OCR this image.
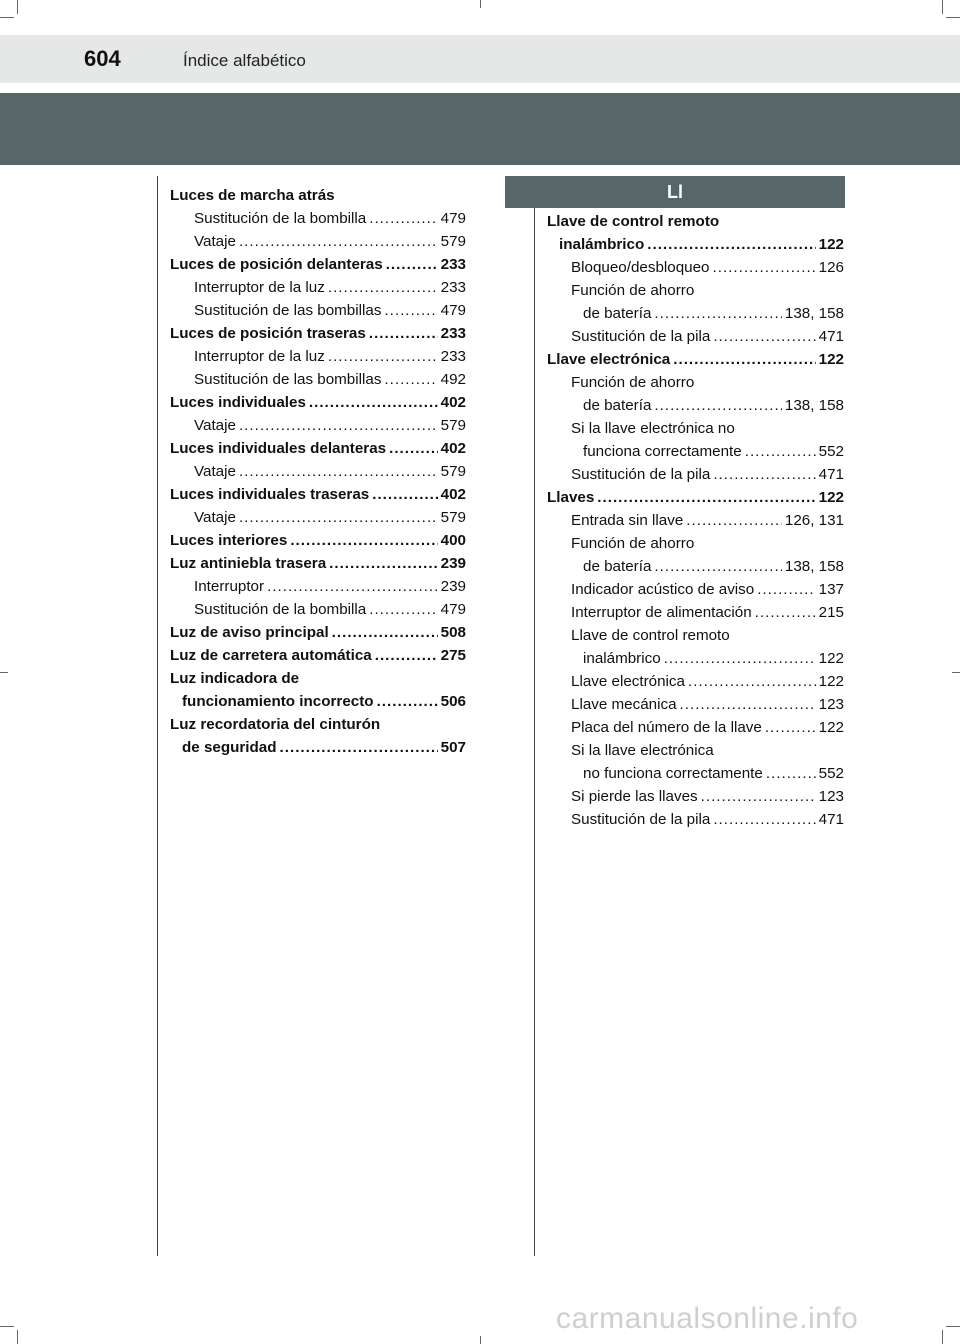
604	Índice alfabético
Ll
Luces de marcha atrás
Sustitución de la bombilla .....	479
Vataje .....	579
Luces de posición delanteras .....	233
Interruptor de la luz .....	233
Sustitución de las bombillas .....	479
Luces de posición traseras .....	233
Interruptor de la luz .....	233
Sustitución de las bombillas .....	492
Luces individuales .....	402
Vataje .....	579
Luces individuales delanteras .....	402
Vataje .....	579
Luces individuales traseras .....	402
Vataje .....	579
Luces interiores .....	400
Luz antiniebla trasera .....	239
Interruptor .....	239
Sustitución de la bombilla .....	479
Luz de aviso principal .....	508
Luz de carretera automática .....	275
Luz indicadora de
funcionamiento incorrecto .....	506
Luz recordatoria del cinturón
de seguridad .....	507
Llave de control remoto
inalámbrico .....	122
Bloqueo/desbloqueo .....	126
Función de ahorro
de batería .....	138, 158
Sustitución de la pila .....	471
Llave electrónica .....	122
Función de ahorro
de batería .....	138, 158
Si la llave electrónica no
funciona correctamente .....	552
Sustitución de la pila .....	471
Llaves .....	122
Entrada sin llave .....	126, 131
Función de ahorro
de batería .....	138, 158
Indicador acústico de aviso .....	137
Interruptor de alimentación .....	215
Llave de control remoto
inalámbrico .....	122
Llave electrónica .....	122
Llave mecánica .....	123
Placa del número de la llave .....	122
Si la llave electrónica
no funciona correctamente .....	552
Si pierde las llaves .....	123
Sustitución de la pila .....	471
carmanualsonline.info
